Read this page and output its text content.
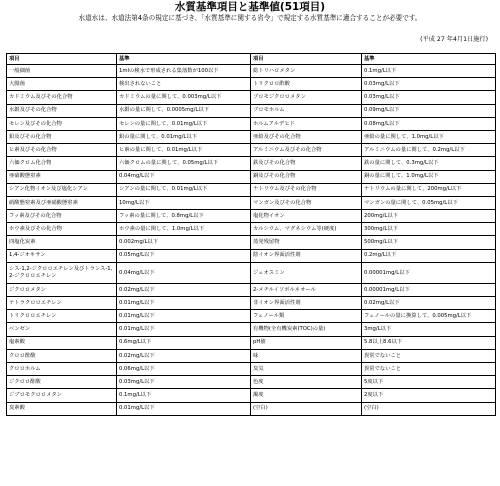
水質基準項目と基準値(51項目)
水道水は、水道法第4条の規定に基づき、「水質基準に関する省令」で規定する水質基準に適合することが必要です。
(平成 27 年4月1日施行)
項目	基準	項目	基準
一般細菌	1mlの検水で形成される集落数が100以下	総トリハロメタン	0.1mg/L以下
大腸菌	検出されないこと	トリクロロ酢酸	0.03mg/L以下
カドミウム及びその化合物	カドミウムの量に関して、0.003mg/L以下	ブロモジクロロメタン	0.03mg/L以下
水銀及びその化合物	水銀の量に関して、0.0005mg/L以下	ブロモホルム	0.09mg/L以下
セレン及びその化合物	セレンの量に関して、0.01mg/L以下	ホルムアルデヒド	0.08mg/L以下
鉛及びその化合物	鉛の量に関して、0.01mg/L以下	亜鉛及びその化合物	亜鉛の量に関して、1.0mg/L以下
ヒ素及びその化合物	ヒ素の量に関して、0.01mg/L以下	アルミニウム及びその化合物	アルミニウムの量に関して、0.2mg/L以下
六価クロム化合物	六価クロムの量に関して、0.05mg/L以下	鉄及びその化合物	鉄の量に関して、0.3mg/L以下
亜硝酸態窒素	0.04mg/L以下	銅及びその化合物	銅の量に関して、1.0mg/L以下
シアン化物イオン及び塩化シアン	シアンの量に関して、0.01mg/L以下	ナトリウム及びその化合物	ナトリウムの量に関して、200mg/L以下
硝酸態窒素及び亜硝酸態窒素	10mg/L以下	マンガン及びその化合物	マンガンの量に関して、0.05mg/L以下
フッ素及びその化合物	フッ素の量に関して、0.8mg/L以下	塩化物イオン	200mg/L以下
ホウ素及びその化合物	ホウ素の量に関して、1.0mg/L以下	カルシウム、マグネシウム等(硬度)	300mg/L以下
四塩化炭素	0.002mg/L以下	蒸発残留物	500mg/L以下
1,4-ジオキサン	0.05mg/L以下	陰イオン界面活性剤	0.2mg/L以下
シス-1,2-ジクロロエチレン及びトランス-1,2-ジクロロエチレン	0.04mg/L以下	ジェオスミン	0.00001mg/L以下
ジクロロメタン	0.02mg/L以下	2-メチルイソボルネオール	0.00001mg/L以下
テトラクロロエチレン	0.01mg/L以下	非イオン界面活性剤	0.02mg/L以下
トリクロロエチレン	0.01mg/L以下	フェノール類	フェノールの量に換算して、0.005mg/L以下
ベンゼン	0.01mg/L以下	有機物(全有機炭素(TOC)の量)	3mg/L以下
塩素酸	0.6mg/L以下	pH値	5.8以上8.6以下
クロロ酢酸	0.02mg/L以下	味	異常でないこと
クロロホルム	0.06mg/L以下	臭気	異常でないこと
ジクロロ酢酸	0.03mg/L以下	色度	5度以下
ジブロモクロロメタン	0.1mg/L以下	濁度	2度以下
臭素酸	0.01mg/L以下	(空白)	(空白)
